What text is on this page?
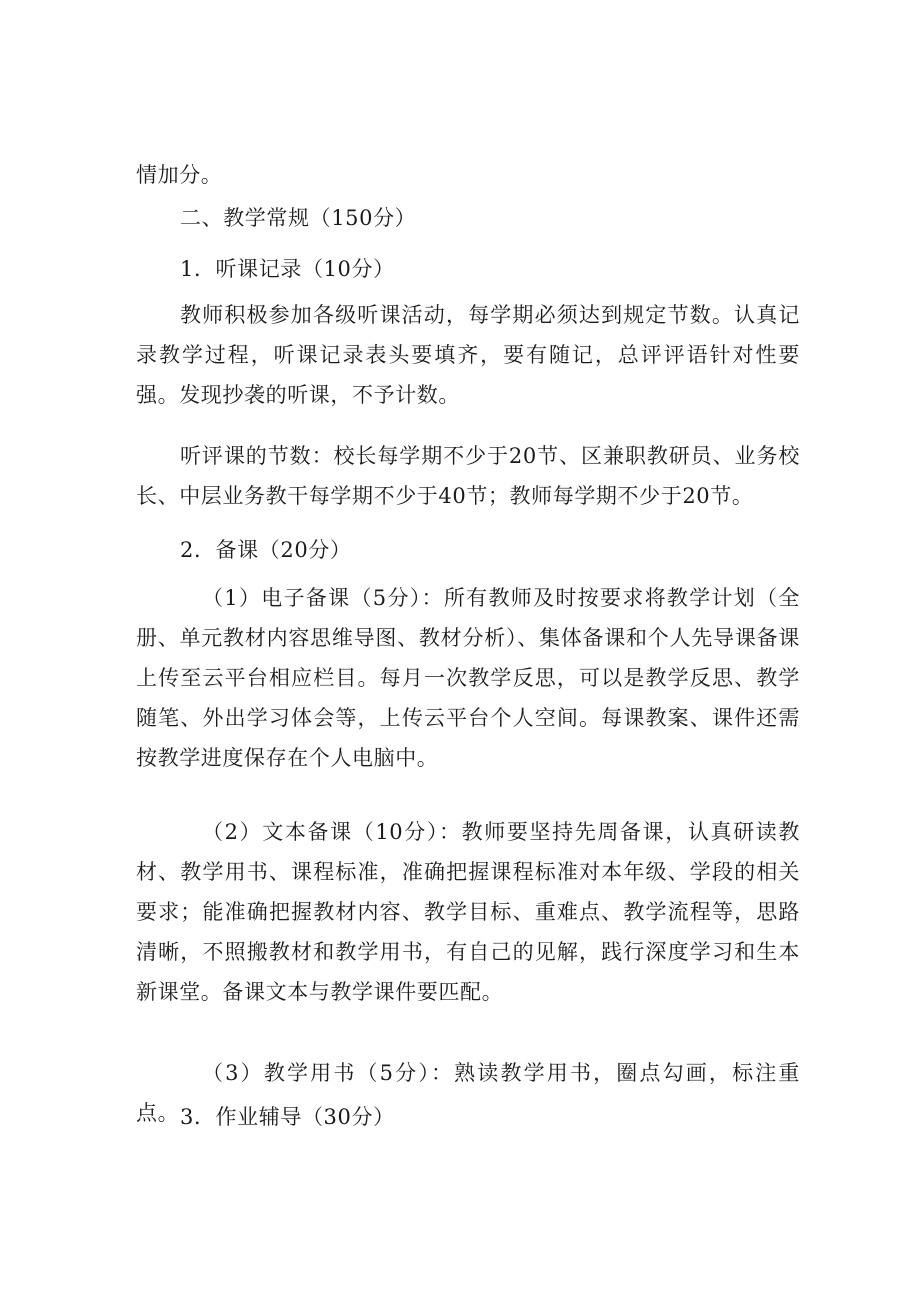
情加分。

二、教学常规（150分）

1．听课记录（10分）

教师积极参加各级听课活动，每学期必须达到规定节数。认真记录教学过程，听课记录表头要填齐，要有随记，总评评语针对性要强。发现抄袭的听课，不予计数。

听评课的节数：校长每学期不少于20节、区兼职教研员、业务校长、中层业务教干每学期不少于40节；教师每学期不少于20节。

2．备课（20分）

（1）电子备课（5分）：所有教师及时按要求将教学计划（全册、单元教材内容思维导图、教材分析）、集体备课和个人先导课备课上传至云平台相应栏目。每月一次教学反思，可以是教学反思、教学随笔、外出学习体会等，上传云平台个人空间。每课教案、课件还需按教学进度保存在个人电脑中。

（2）文本备课（10分）：教师要坚持先周备课，认真研读教材、教学用书、课程标准，准确把握课程标准对本年级、学段的相关要求；能准确把握教材内容、教学目标、重难点、教学流程等，思路清晰，不照搬教材和教学用书，有自己的见解，践行深度学习和生本新课堂。备课文本与教学课件要匹配。

（3）教学用书（5分）：熟读教学用书，圈点勾画，标注重点。 3．作业辅导（30分）
